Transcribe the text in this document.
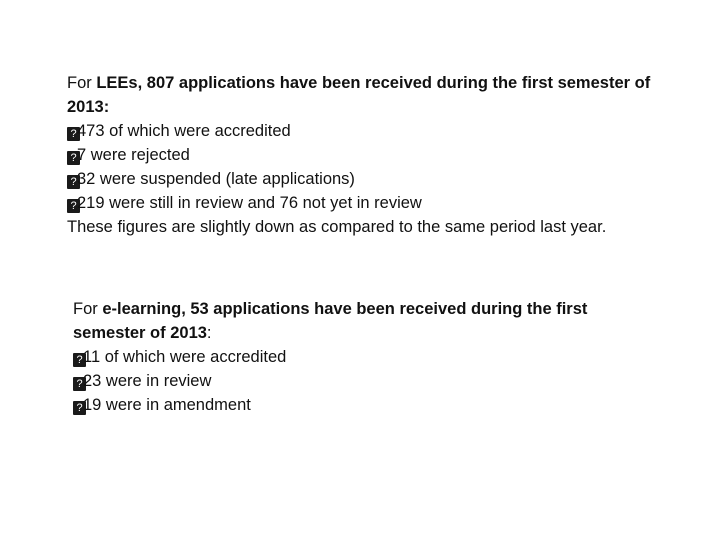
For LEEs, 807 applications have been received during the first semester of
2013:
?473 of which were accredited
?7 were rejected
?32 were suspended (late applications)
?219 were still in review and 76 not yet in review
These figures are slightly down as compared to the same period last year.
For e-learning, 53 applications have been received during the first
semester of 2013:
?11 of which were accredited
?23 were in review
?19 were in amendment
